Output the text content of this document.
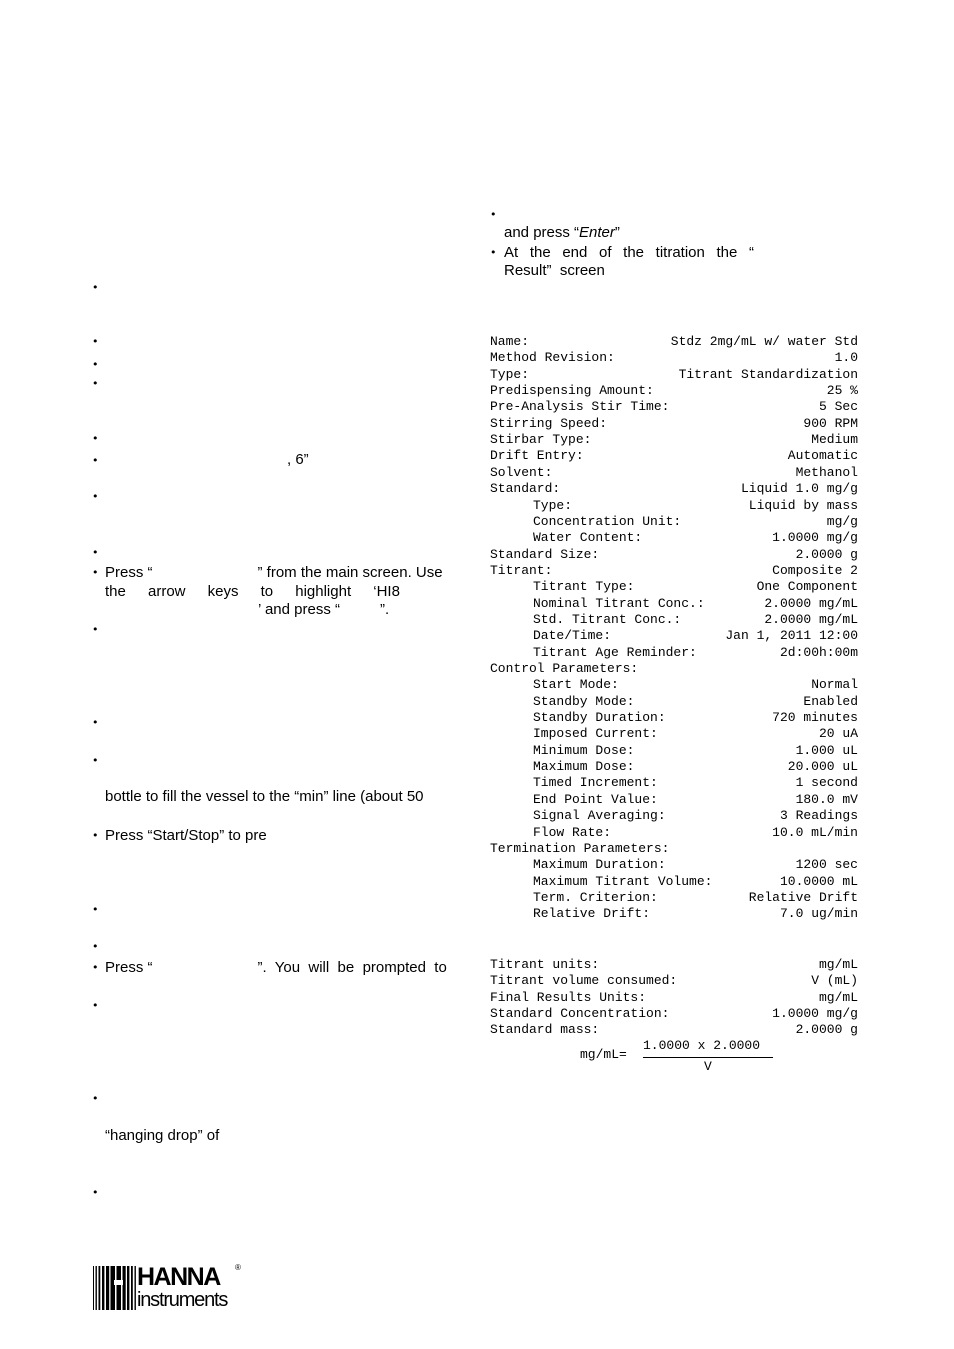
•
•
•
•
•
•	, 6”
•
•
• Press “	” from the main screen. Use
the arrow keys to highlight ‘HI8
’ and press “	”.
•
•
•
bottle to fill the vessel to the “min” line (about 50
• Press “Start/Stop” to pre
•
•
• Press “	”.  You  will  be  prompted  to
•
•
“hanging drop” of
•
•
and press “Enter”
• At the end of the titration the “
Result”  screen
Name:	Stdz 2mg/mL w/ water Std
Method Revision:	1.0
Type:	Titrant Standardization
Predispensing Amount:	25 %
Pre-Analysis Stir Time:	5 Sec
Stirring Speed:	900 RPM
Stirbar Type:	Medium
Drift Entry:	Automatic
Solvent:	Methanol
Standard:	Liquid 1.0 mg/g
Type:	Liquid by mass
Concentration Unit:	mg/g
Water Content:	1.0000 mg/g
Standard Size:	2.0000 g
Titrant:	Composite 2
Titrant Type:	One Component
Nominal Titrant Conc.:	2.0000 mg/mL
Std. Titrant Conc.:	2.0000 mg/mL
Date/Time:	Jan 1, 2011 12:00
Titrant Age Reminder:	2d:00h:00m
Control Parameters:
Start Mode:	Normal
Standby Mode:	Enabled
Standby Duration:	720 minutes
Imposed Current:	20 uA
Minimum Dose:	1.000 uL
Maximum Dose:	20.000 uL
Timed Increment:	1 second
End Point Value:	180.0 mV
Signal Averaging:	3 Readings
Flow Rate:	10.0 mL/min
Termination Parameters:
Maximum Duration:	1200 sec
Maximum Titrant Volume:	10.0000 mL
Term. Criterion:	Relative Drift
Relative Drift:	7.0 ug/min
Titrant units:	mg/mL
Titrant volume consumed:	V (mL)
Final Results Units:	mg/mL
Standard Concentration:	1.0000 mg/g
Standard mass:	2.0000 g
mg/mL=
1.0000 x 2.0000
V
HANNA ®
instruments
